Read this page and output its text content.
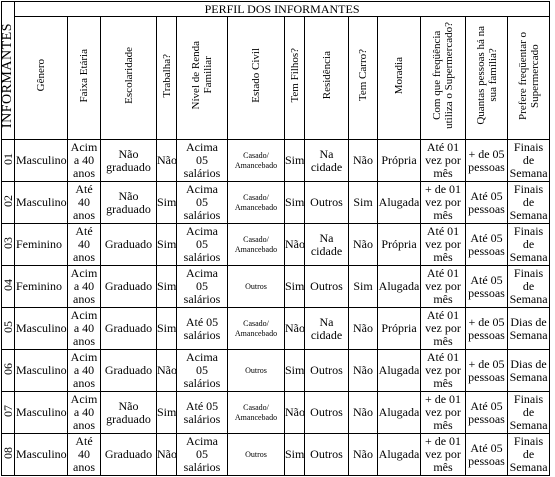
	PERFIL DOS INFORMANTES												
INFORMANTES	Gênero	Faixa Etária	Escolaridade	Trabalha?	Nível de Renda
Familiar	Estado Civil	Tem Filhos?	Residência	Tem Carro?	Moradia	Com que freqüência
utiliza o Supermercado?	Quantas pessoas há na
sua família?	Prefere freqüentar o
Supermercado
01	Masculino	Acim
a 40
anos	Não
graduado	Não	Acima
05
salários	Casado/
Amancebado	Sim	Na
cidade	Não	Própria	Até 01
vez por
mês	+ de 05
pessoas	Finais
de
Semana
02	Masculino	Até
40
anos	Não
graduado	Sim	Acima
05
salários	Casado/
Amancebado	Sim	Outros	Sim	Alugada	+ de 01
vez por
mês	Até 05
pessoas	Finais
de
Semana
03	Feminino	Até
40
anos	Graduado	Sim	Acima
05
salários	Casado/
Amancebado	Não	Na
cidade	Não	Própria	Até 01
vez por
mês	Até 05
pessoas	Finais
de
Semana
04	Feminino	Acim
a 40
anos	Graduado	Sim	Acima
05
salários	Outros	Sim	Outros	Sim	Alugada	Até 01
vez por
mês	Até 05
pessoas	Finais
de
Semana
05	Masculino	Acim
a 40
anos	Graduado	Sim	Até 05
salários	Casado/
Amancebado	Não	Na
cidade	Não	Própria	Até 01
vez por
mês	+ de 05
pessoas	Dias de
Semana
06	Masculino	Acim
a 40
anos	Graduado	Não	Acima
05
salários	Outros	Sim	Outros	Não	Alugada	Até 01
vez por
mês	+ de 05
pessoas	Dias de
Semana
07	Masculino	Acim
a 40
anos	Não
graduado	Sim	Até 05
salários	Casado/
Amancebado	Não	Outros	Não	Alugada	+ de 01
vez por
mês	Até 05
pessoas	Finais
de
Semana
08	Masculino	Até
40
anos	Graduado	Não	Acima
05
salários	Outros	Sim	Outros	Não	Alugada	+ de 01
vez por
mês	Até 05
pessoas	Finais
de
Semana
